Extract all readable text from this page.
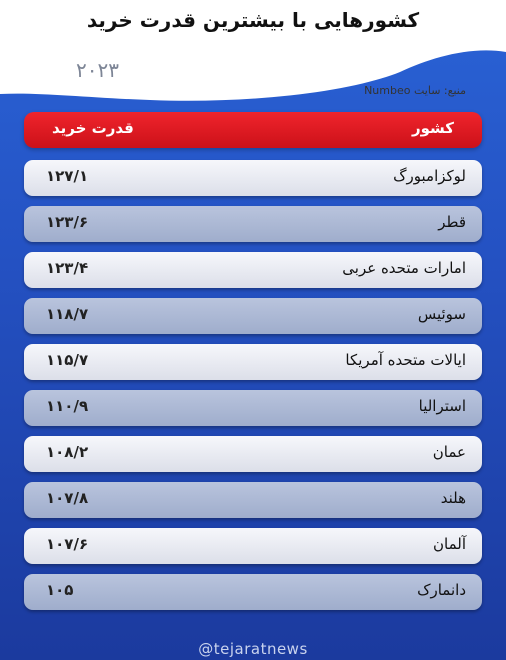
کشورهایی با بیشترین قدرت خرید
۲۰۲۳
منبع: سایت Numbeo
کشور
قدرت خرید
لوکزامبورگ
۱۲۷/۱
قطر
۱۲۳/۶
امارات متحده عربی
۱۲۳/۴
سوئیس
۱۱۸/۷
ایالات متحده آمریکا
۱۱۵/۷
استرالیا
۱۱۰/۹
عمان
۱۰۸/۲
هلند
۱۰۷/۸
آلمان
۱۰۷/۶
دانمارک
۱۰۵
@tejaratnews
